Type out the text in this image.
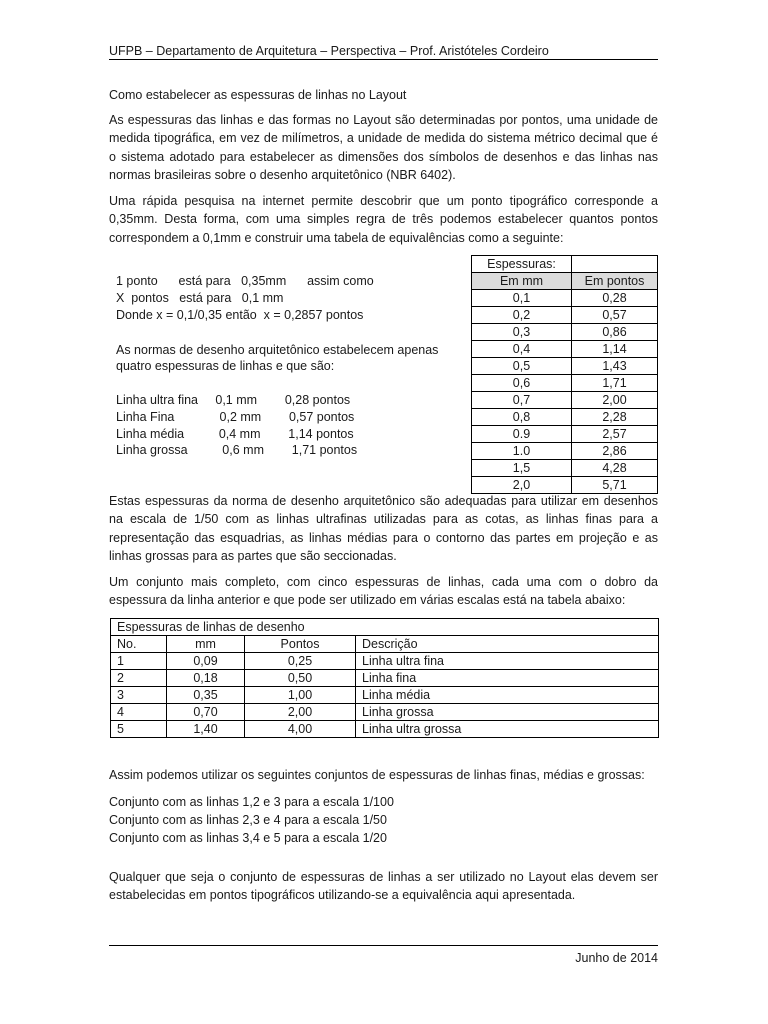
UFPB – Departamento de Arquitetura – Perspectiva – Prof. Aristóteles Cordeiro
Como estabelecer as espessuras de linhas no Layout

As espessuras das linhas e das formas no Layout são determinadas por pontos, uma unidade de medida tipográfica, em vez de milímetros, a unidade de medida do sistema métrico decimal que é o sistema adotado para estabelecer as dimensões dos símbolos de desenhos e das linhas nas normas brasileiras sobre o desenho arquitetônico (NBR 6402).

Uma rápida pesquisa na internet permite descobrir que um ponto tipográfico corresponde a 0,35mm. Desta forma, com uma simples regra de três podemos estabelecer quantos pontos correspondem a 0,1mm e construir uma tabela de equivalências como a seguinte:

1 ponto      está para   0,35mm      assim como
X  pontos   está para   0,1 mm
Donde x = 0,1/0,35 então  x = 0,2857 pontos
As normas de desenho arquitetônico estabelecem apenas
quatro espessuras de linhas e que são:
Linha ultra fina     0,1 mm        0,28 pontos
Linha Fina             0,2 mm        0,57 pontos
Linha média          0,4 mm        1,14 pontos
Linha grossa          0,6 mm        1,71 pontos
Espessuras:	
Em mm	Em pontos
0,1	0,28
0,2	0,57
0,3	0,86
0,4	1,14
0,5	1,43
0,6	1,71
0,7	2,00
0,8	2,28
0.9	2,57
1.0	2,86
1,5	4,28
2,0	5,71

Estas espessuras da norma de desenho arquitetônico são adequadas para utilizar em desenhos na escala de 1/50 com as linhas ultrafinas utilizadas para as cotas, as linhas finas para a representação das esquadrias, as linhas médias para o contorno das partes em projeção e as linhas grossas para as partes que são seccionadas.

Um conjunto mais completo, com cinco espessuras de linhas, cada uma com o dobro da espessura da linha anterior e que pode ser utilizado em várias escalas está na tabela abaixo:

Espessuras de linhas de desenho			
No.	mm	Pontos	Descrição
1	0,09	0,25	Linha ultra fina
2	0,18	0,50	Linha fina
3	0,35	1,00	Linha média
4	0,70	2,00	Linha grossa
5	1,40	4,00	Linha ultra grossa

Assim podemos utilizar os seguintes conjuntos de espessuras de linhas finas, médias e grossas:

Conjunto com as linhas 1,2 e 3 para a escala 1/100
Conjunto com as linhas 2,3 e 4 para a escala 1/50
Conjunto com as linhas 3,4 e 5 para a escala 1/20

Qualquer que seja o conjunto de espessuras de linhas a ser utilizado no Layout elas devem ser estabelecidas em pontos tipográficos utilizando-se a equivalência aqui apresentada.

Junho de 2014
